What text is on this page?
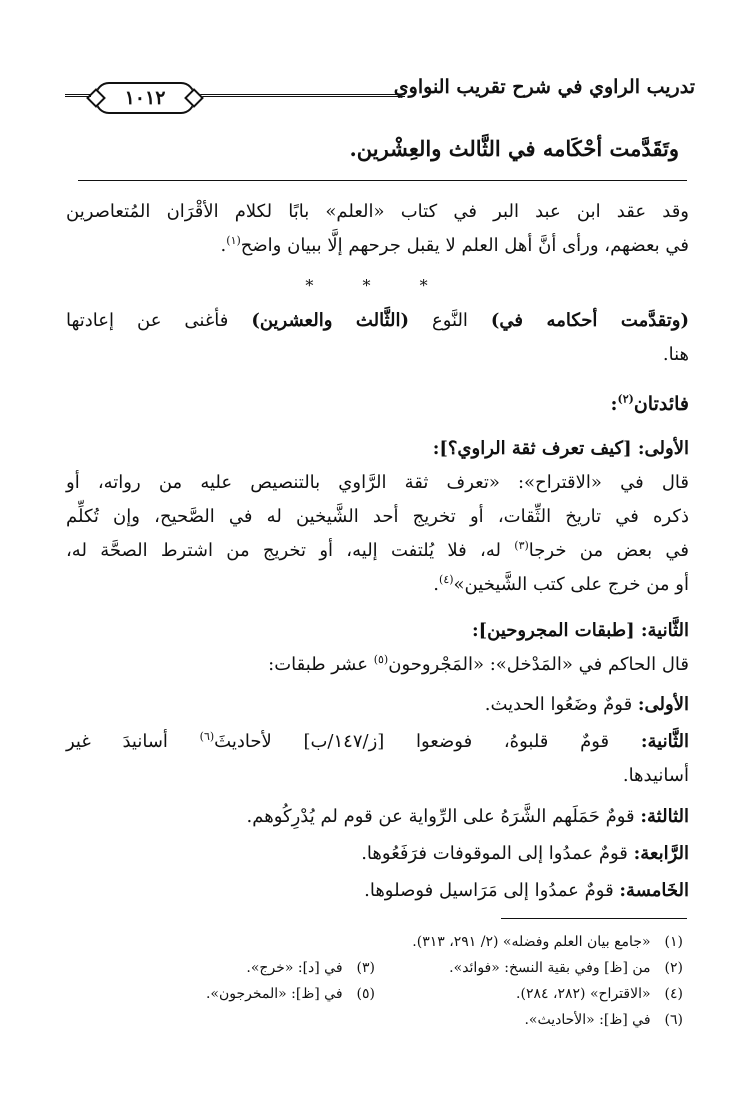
تدريب الراوي في شرح تقريب النواوي
١٠١٢
وتَقَدَّمت أحْكَامه في الثَّالث والعِشْرين.
وقد عقد ابن عبد البر في كتاب «العلم» بابًا لكلام الأقْرَان المُتعاصرين
في بعضهم، ورأى أنَّ أهل العلم لا يقبل جرحهم إلَّا ببيان واضح$^{(١)}$.
* * *
(وتقدَّمت أحكامه في) النَّوع (الثَّالث والعشرين) فأغنى عن إعادتها
هنا.
فائدتان$^{(٢)}$:
الأولى: [كيف تعرف ثقة الراوي؟]:
قال في «الاقتراح»: «تعرف ثقة الرَّاوي بالتنصيص عليه من رواته، أو
ذكره في تاريخ الثِّقات، أو تخريج أحد الشَّيخين له في الصَّحيح، وإن تُكلِّم
في بعض من خرجا$^{(٣)}$ له، فلا يُلتفت إليه، أو تخريج من اشترط الصحَّة له،
أو من خرج على كتب الشَّيخين»$^{(٤)}$.
الثَّانية: [طبقات المجروحين]:
قال الحاكم في «المَدْخل»: «المَجْروحون$^{(٥)}$ عشر طبقات:
الأولى: قومٌ وضَعُوا الحديث.
الثَّانية: قومٌ قلبوهُ، فوضعوا [ز/١٤٧/ب] لأحاديثَ$^{(٦)}$ أسانيدَ غير
أسانيدها.
الثالثة: قومٌ حَمَلَهم الشَّرَهُ على الرِّواية عن قوم لم يُدْرِكُوهم.
الرَّابعة: قومٌ عمدُوا إلى الموقوفات فرَفَعُوها.
الخَامسة: قومٌ عمدُوا إلى مَرَاسيل فوصلوها.
(١) «جامع بيان العلم وفضله» (٢/ ٢٩١، ٣١٣).
(٢) من [ظ] وفي بقية النسخ: «فوائد».
(٣) في [د]: «خرج».
(٤) «الاقتراح» (٢٨٢، ٢٨٤).
(٥) في [ظ]: «المخرجون».
(٦) في [ظ]: «الأحاديث».
